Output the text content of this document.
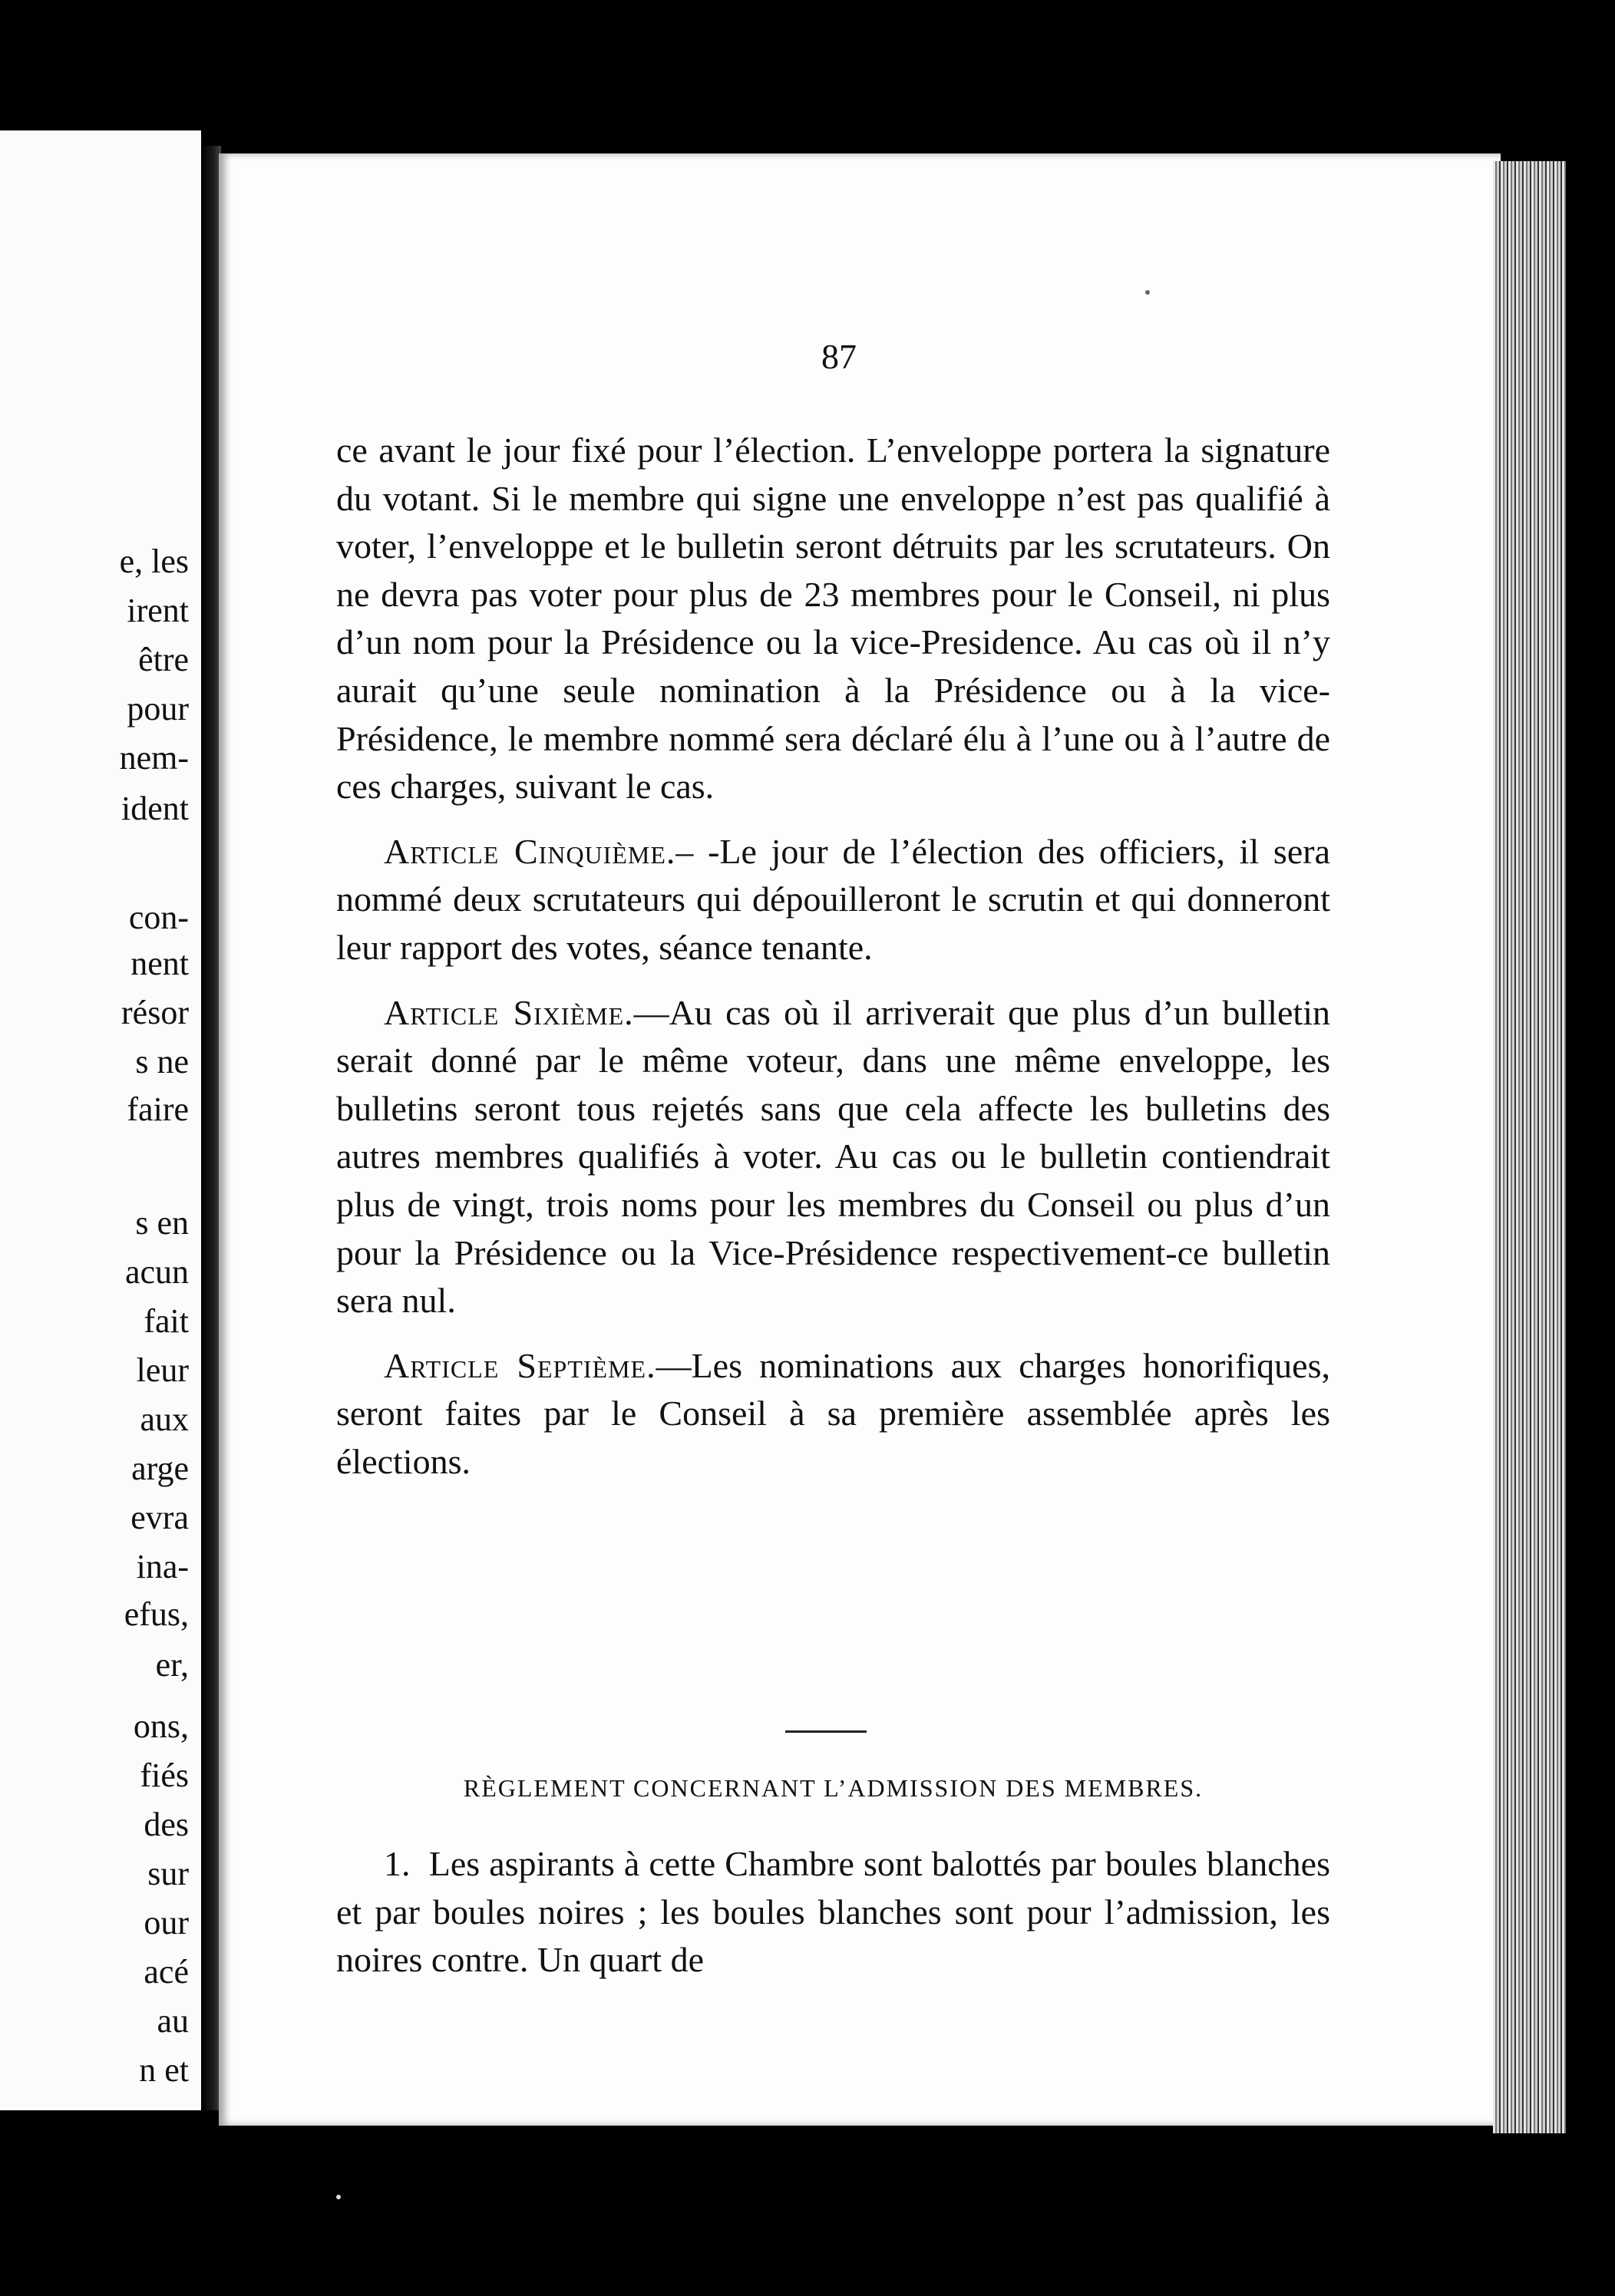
e, les
irent
être
pour
nem-
ident
con-
nent
résor
s ne
faire
s en
acun
fait
leur
aux
arge
evra
ina-
efus,
er,
ons,
fiés
des
sur
our
acé
au
n et
87

ce avant le jour fixé pour l’élection. L’enveloppe portera la signature du votant. Si le membre qui signe une enveloppe n’est pas qualifié à voter, l’enveloppe et le bulletin seront détruits par les scrutateurs. On ne devra pas voter pour plus de 23 membres pour le Conseil, ni plus d’un nom pour la Présidence ou la vice-Presidence. Au cas où il n’y aurait qu’une seule nomination à la Présidence ou à la vice-Présidence, le membre nommé sera déclaré élu à l’une ou à l’autre de ces charges, suivant le cas.

Article Cinquième.– -Le jour de l’élection des officiers, il sera nommé deux scrutateurs qui dépouilleront le scrutin et qui donneront leur rapport des votes, séance tenante.

Article Sixième.––Au cas où il arriverait que plus d’un bulletin serait donné par le même voteur, dans une même enveloppe, les bulletins seront tous rejetés sans que cela affecte les bulletins des autres membres qualifiés à voter. Au cas ou le bulletin contiendrait plus de vingt, trois noms pour les membres du Conseil ou plus d’un pour la Présidence ou la Vice-Présidence respectivement-ce bulletin sera nul.

Article Septième.––Les nominations aux charges honorifiques, seront faites par le Conseil à sa première assemblée après les élections.

RÈGLEMENT CONCERNANT L’ADMISSION DES MEMBRES.

1. Les aspirants à cette Chambre sont balottés par boules blanches et par boules noires ; les boules blanches sont pour l’admission, les noires contre. Un quart de
